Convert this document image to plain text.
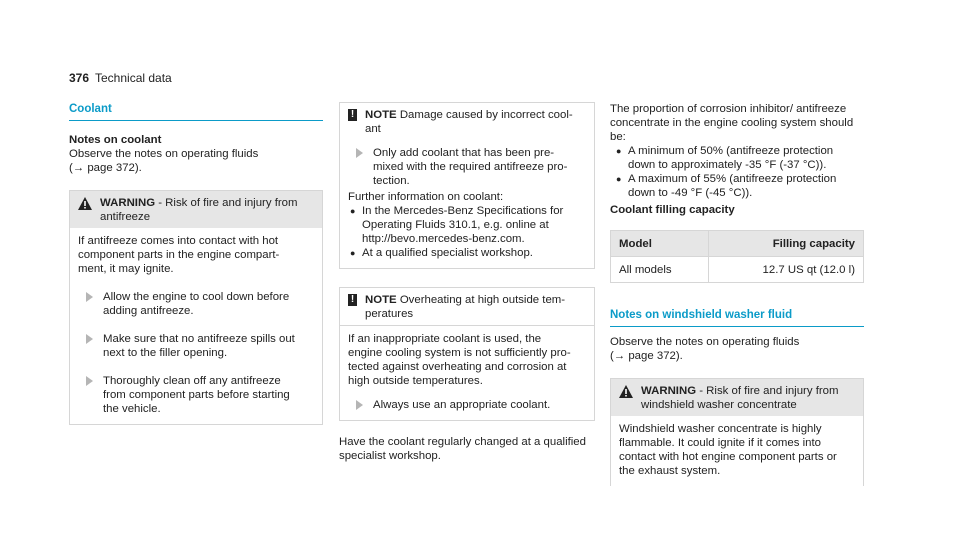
376 Technical data
Coolant
Notes on coolant
Observe the notes on operating fluids
(→ page 372).
WARNING - Risk of fire and injury from
antifreeze
If antifreeze comes into contact with hot
component parts in the engine compart-
ment, it may ignite.
Allow the engine to cool down before
adding antifreeze.
Make sure that no antifreeze spills out
next to the filler opening.
Thoroughly clean off any antifreeze
from component parts before starting
the vehicle.
! NOTE Damage caused by incorrect cool-
ant
Only add coolant that has been pre-
mixed with the required antifreeze pro-
tection.
Further information on coolant:
● In the Mercedes-Benz Specifications for
Operating Fluids 310.1, e.g. online at
http://bevo.mercedes-benz.com.
● At a qualified specialist workshop.
! NOTE Overheating at high outside tem-
peratures
If an inappropriate coolant is used, the
engine cooling system is not sufficiently pro-
tected against overheating and corrosion at
high outside temperatures.
Always use an appropriate coolant.
Have the coolant regularly changed at a qualified
specialist workshop.
The proportion of corrosion inhibitor/ antifreeze
concentrate in the engine cooling system should
be:
● A minimum of 50% (antifreeze protection
down to approximately -35 °F (-37 °C)).
● A maximum of 55% (antifreeze protection
down to -49 °F (-45 °C)).
Coolant filling capacity
Model	Filling capacity
All models	12.7 US qt (12.0 l)
Notes on windshield washer fluid
Observe the notes on operating fluids
(→ page 372).
WARNING - Risk of fire and injury from
windshield washer concentrate
Windshield washer concentrate is highly
flammable. It could ignite if it comes into
contact with hot engine component parts or
the exhaust system.
